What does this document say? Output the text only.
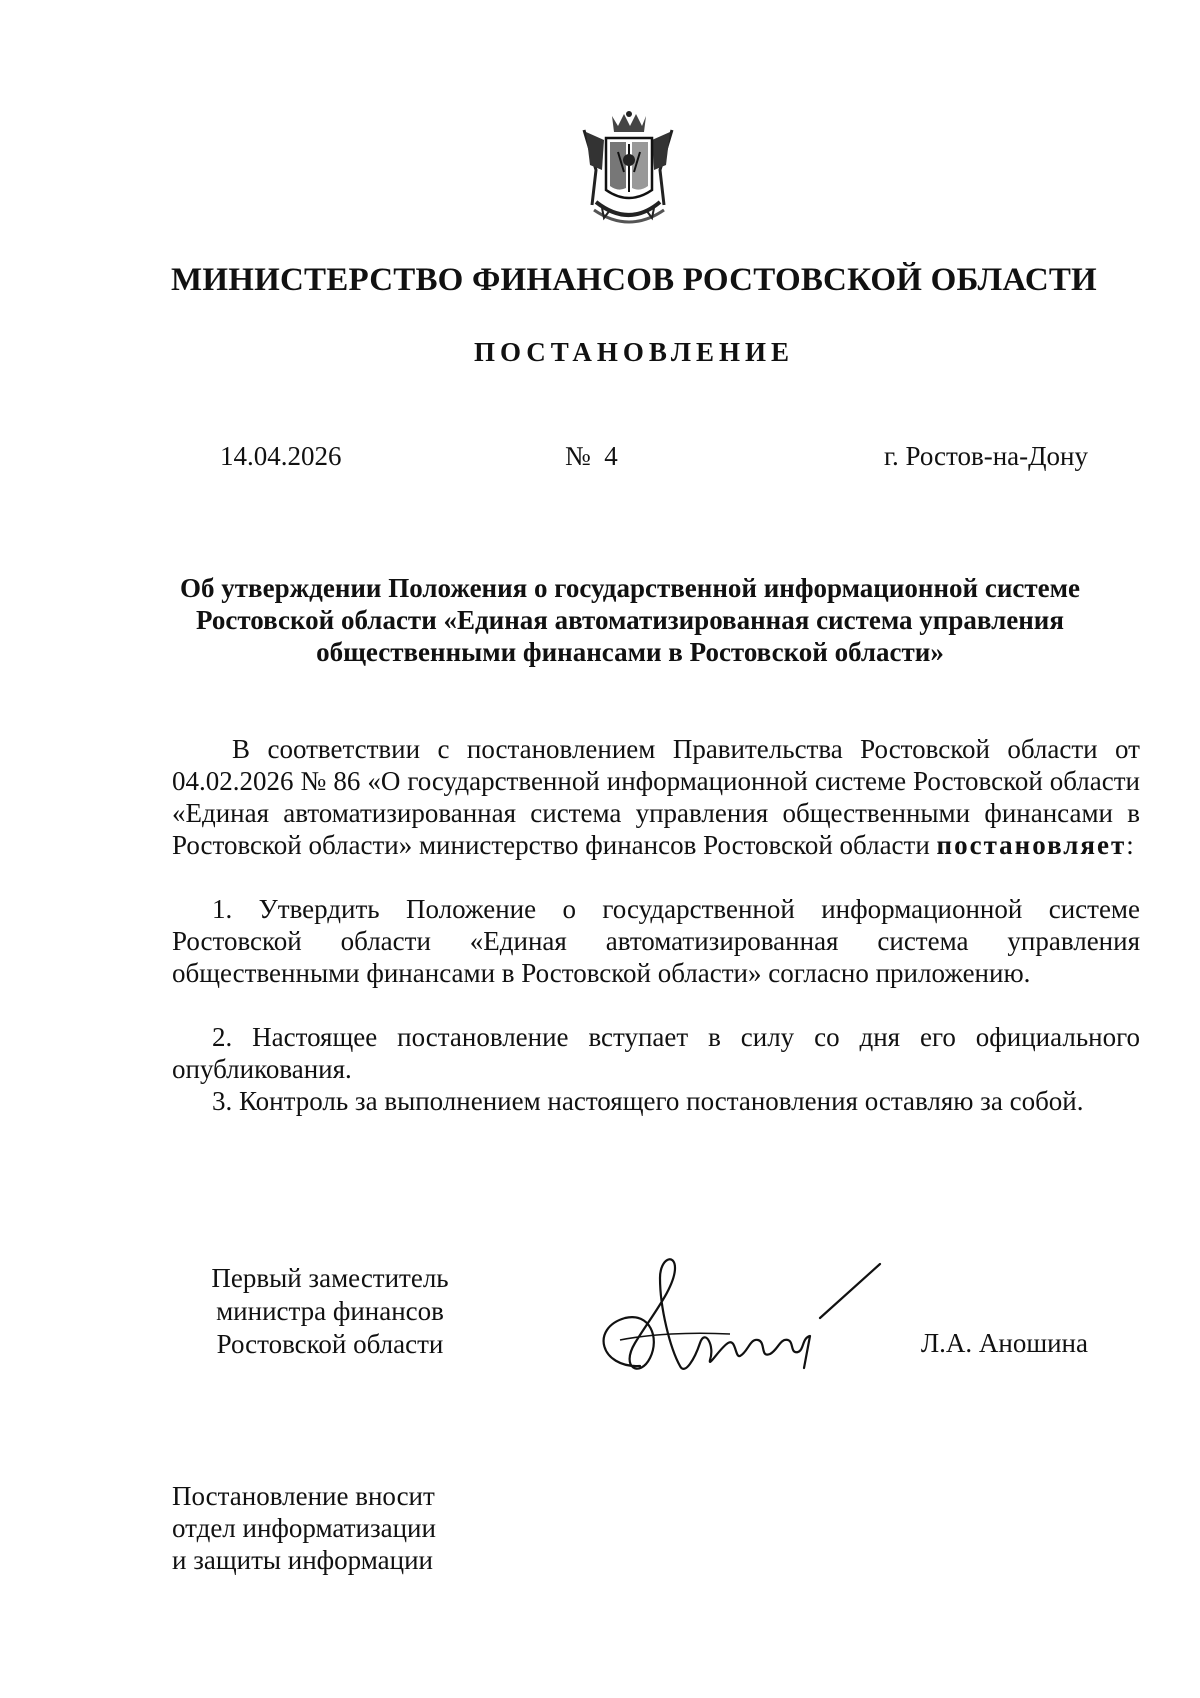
МИНИСТЕРСТВО ФИНАНСОВ РОСТОВСКОЙ ОБЛАСТИ
ПОСТАНОВЛЕНИЕ
14.04.2026	№  4	г. Ростов-на-Дону
Об утверждении Положения о государственной информационной системе Ростовской области «Единая автоматизированная система управления общественными финансами в Ростовской области»
В соответствии с постановлением Правительства Ростовской области от 04.02.2026 № 86 «О государственной информационной системе Ростовской области «Единая автоматизированная система управления общественными финансами в Ростовской области» министерство финансов Ростовской области постановляет:
1. Утвердить Положение о государственной информационной системе Ростовской области «Единая автоматизированная система управления общественными финансами в Ростовской области» согласно приложению.
2. Настоящее постановление вступает в силу со дня его официального опубликования.
3. Контроль за выполнением настоящего постановления оставляю за собой.
Первый заместитель
министра финансов
Ростовской области	Л.А. Аношина
Постановление вносит
отдел информатизации
и защиты информации
